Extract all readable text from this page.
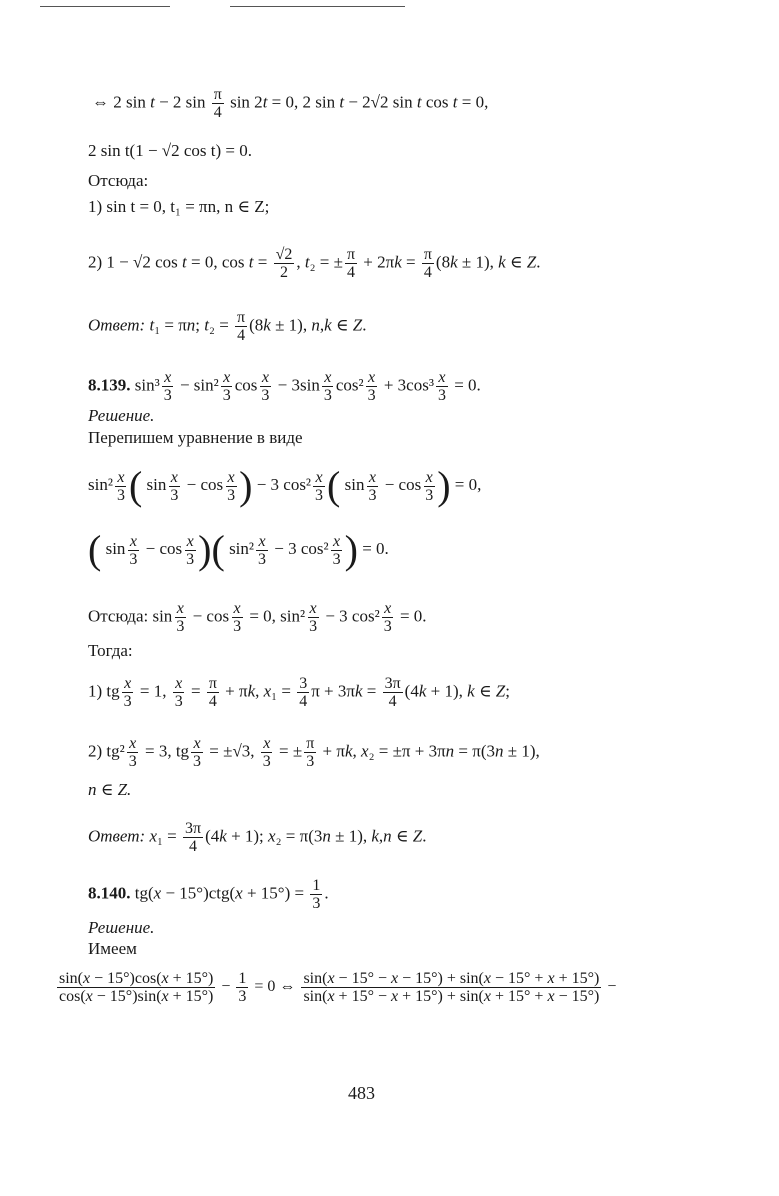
⇔ 2 sin t − 2 $\sin \frac{\pi}{4}$ sin 2t = 0, 2 sin t − 2√2 sin t cos t = 0,
2 sin t(1 − √2 cos t) = 0.
Отсюда:
1) sin t = 0, t₁ = πn, n ∈ Z;
2) 1 − √2 cos t = 0, $\cos t = \frac{√2}{2}$ , t₂ = ± $\frac{\pi}{4} + 2\pi k = \frac{\pi}{4} (8k \pm 1)$, k ∈ Z.
Ответ: t₁ = πn; $t_2 = \frac{\pi}{4} (8k \pm 1)$, n,k ∈ Z.
8.139. $\sin^3 \frac{x}{3} - \sin^2 \frac{x}{3}$ $\cos \frac{x}{3} - 3\sin \frac{x}{3} \cos^2 \frac{x}{3} + 3\cos^3 \frac{x}{3} = 0$.
Решение.
Перепишем уравнение в виде
$\sin^2 \frac{x}{3}$ ( $\sin \frac{x}{3} - \cos \frac{x}{3}$ ) − 3 $\cos^2 \frac{x}{3}$ ( $\sin \frac{x}{3} - \cos \frac{x}{3}$ ) = 0,
( $\sin \frac{x}{3} - \cos \frac{x}{3}$ )( $\sin^2 \frac{x}{3} - 3$ $\cos^2 \frac{x}{3}$ ) = 0.
Отсюда: $\sin \frac{x}{3} - \cos \frac{x}{3} = 0$, $\sin^2 \frac{x}{3} - 3$ $\cos^2 \frac{x}{3} = 0$.
Тогда:
1) tg $\frac{x}{3} = 1$, $\frac{x}{3} = \frac{\pi}{4} + \pi k$, $x_1 = \frac{3}{4}$ $\pi + 3\pi k = \frac{3\pi}{4} (4k + 1)$, k ∈ Z;
2) $tg^2 \frac{x}{3} = 3$, tg $\frac{x}{3} = \pm√3$, $\frac{x}{3}$ = ± $\frac{\pi}{3} + \pi k$, x₂ = ±π + 3πn = π(3n ± 1),
n ∈ Z.
Ответ: $x_1 = \frac{3\pi}{4} (4k + 1)$; x₂ = π(3n ± 1), k,n ∈ Z.
8.140. $tg(x - 15^\circ)ctg(x + 15^\circ) = \frac{1}{3}$ .
Решение.
Имеем
$\frac{\sin(x - 15^\circ)\cos(x + 15^\circ)}{\cos(x - 15^\circ)\sin(x + 15^\circ)} - \frac{1}{3} = 0$ ⇔ $\frac{\sin(x - 15^\circ - x - 15^\circ) + \sin(x - 15^\circ + x + 15^\circ)}{\sin(x + 15^\circ - x + 15^\circ) + \sin(x + 15^\circ + x - 15^\circ)}$ −
483
